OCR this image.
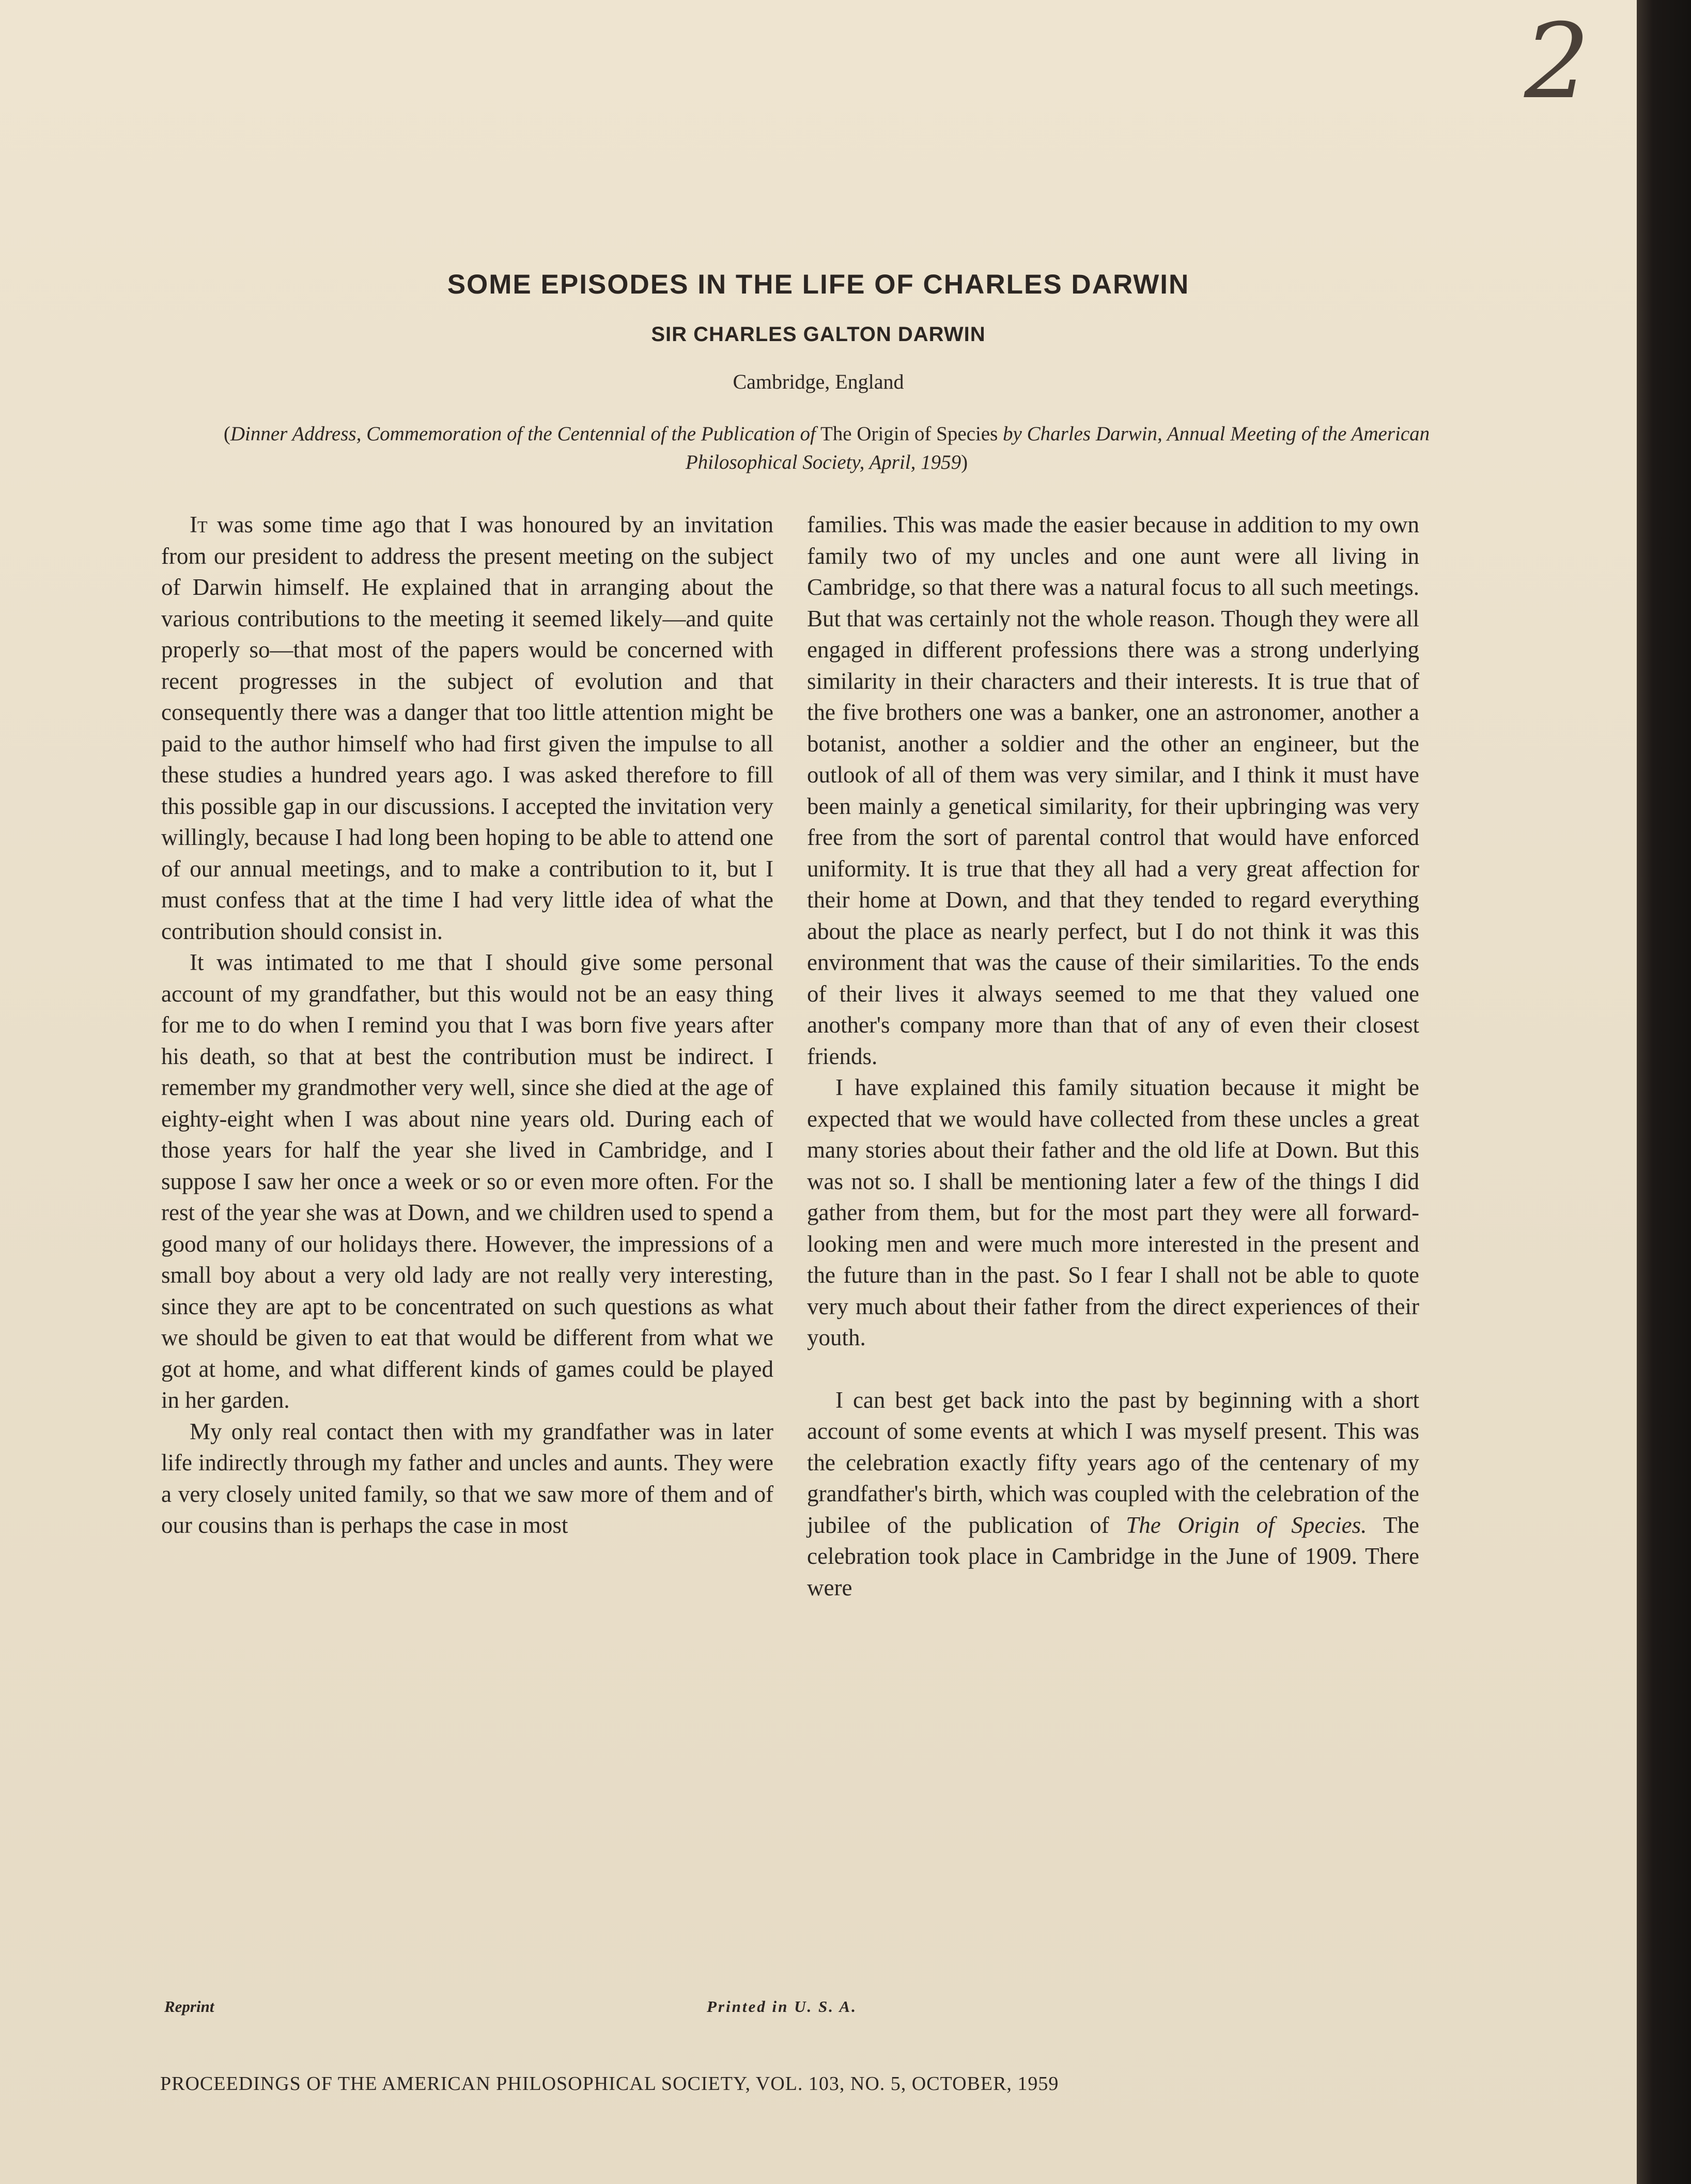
2
SOME EPISODES IN THE LIFE OF CHARLES DARWIN
SIR CHARLES GALTON DARWIN
Cambridge, England
(Dinner Address, Commemoration of the Centennial of the Publication of The Origin of Species by Charles Darwin, Annual Meeting of the American Philosophical Society, April, 1959)

It was some time ago that I was honoured by an invitation from our president to address the present meeting on the subject of Darwin himself. He explained that in arranging about the various contributions to the meeting it seemed likely—and quite properly so—that most of the papers would be concerned with recent progresses in the subject of evolution and that consequently there was a danger that too little attention might be paid to the author himself who had first given the impulse to all these studies a hundred years ago. I was asked therefore to fill this possible gap in our discussions. I accepted the invitation very willingly, because I had long been hoping to be able to attend one of our annual meetings, and to make a contribution to it, but I must confess that at the time I had very little idea of what the contribution should consist in.

It was intimated to me that I should give some personal account of my grandfather, but this would not be an easy thing for me to do when I remind you that I was born five years after his death, so that at best the contribution must be indirect. I remember my grandmother very well, since she died at the age of eighty-eight when I was about nine years old. During each of those years for half the year she lived in Cambridge, and I suppose I saw her once a week or so or even more often. For the rest of the year she was at Down, and we children used to spend a good many of our holidays there. However, the impressions of a small boy about a very old lady are not really very interesting, since they are apt to be concentrated on such questions as what we should be given to eat that would be different from what we got at home, and what different kinds of games could be played in her garden.

My only real contact then with my grandfather was in later life indirectly through my father and uncles and aunts. They were a very closely united family, so that we saw more of them and of our cousins than is perhaps the case in most

families. This was made the easier because in addition to my own family two of my uncles and one aunt were all living in Cambridge, so that there was a natural focus to all such meetings. But that was certainly not the whole reason. Though they were all engaged in different professions there was a strong underlying similarity in their characters and their interests. It is true that of the five brothers one was a banker, one an astronomer, another a botanist, another a soldier and the other an engineer, but the outlook of all of them was very similar, and I think it must have been mainly a genetical similarity, for their upbringing was very free from the sort of parental control that would have enforced uniformity. It is true that they all had a very great affection for their home at Down, and that they tended to regard everything about the place as nearly perfect, but I do not think it was this environment that was the cause of their similarities. To the ends of their lives it always seemed to me that they valued one another's company more than that of any of even their closest friends.

I have explained this family situation because it might be expected that we would have collected from these uncles a great many stories about their father and the old life at Down. But this was not so. I shall be mentioning later a few of the things I did gather from them, but for the most part they were all forward-looking men and were much more interested in the present and the future than in the past. So I fear I shall not be able to quote very much about their father from the direct experiences of their youth.

I can best get back into the past by beginning with a short account of some events at which I was myself present. This was the celebration exactly fifty years ago of the centenary of my grandfather's birth, which was coupled with the celebration of the jubilee of the publication of The Origin of Species. The celebration took place in Cambridge in the June of 1909. There were

PROCEEDINGS OF THE AMERICAN PHILOSOPHICAL SOCIETY, VOL. 103, NO. 5, OCTOBER, 1959
Reprint	Printed in U. S. A.
